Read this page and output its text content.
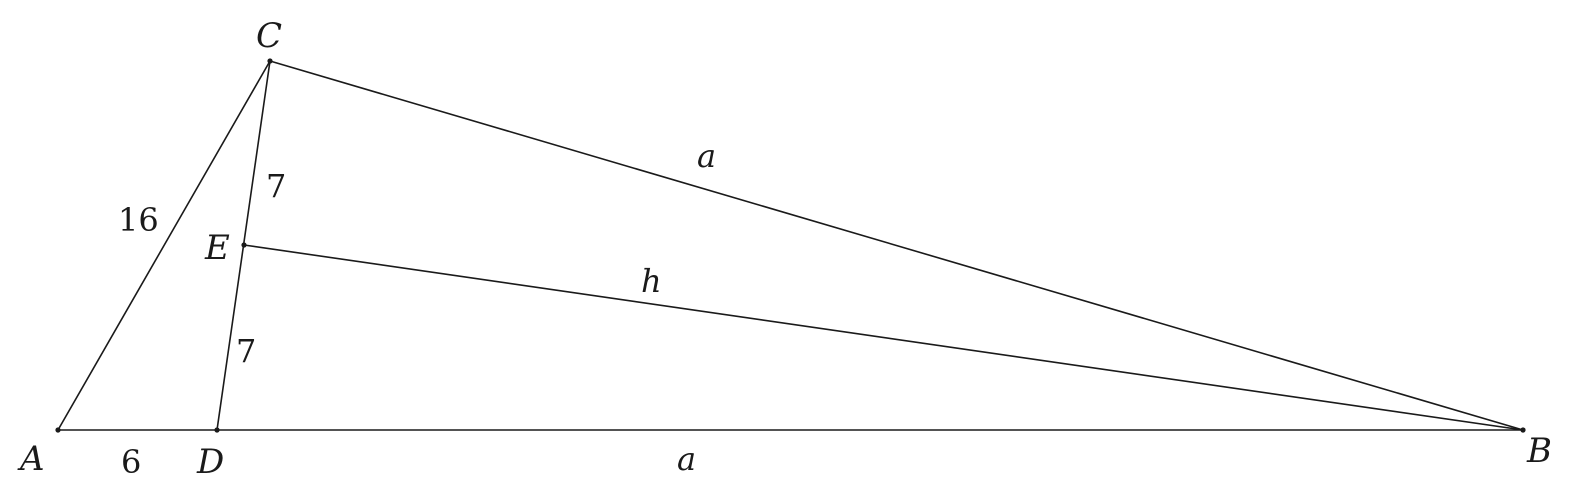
C
E
A	D	B
16
7
7
6
a
h
a
